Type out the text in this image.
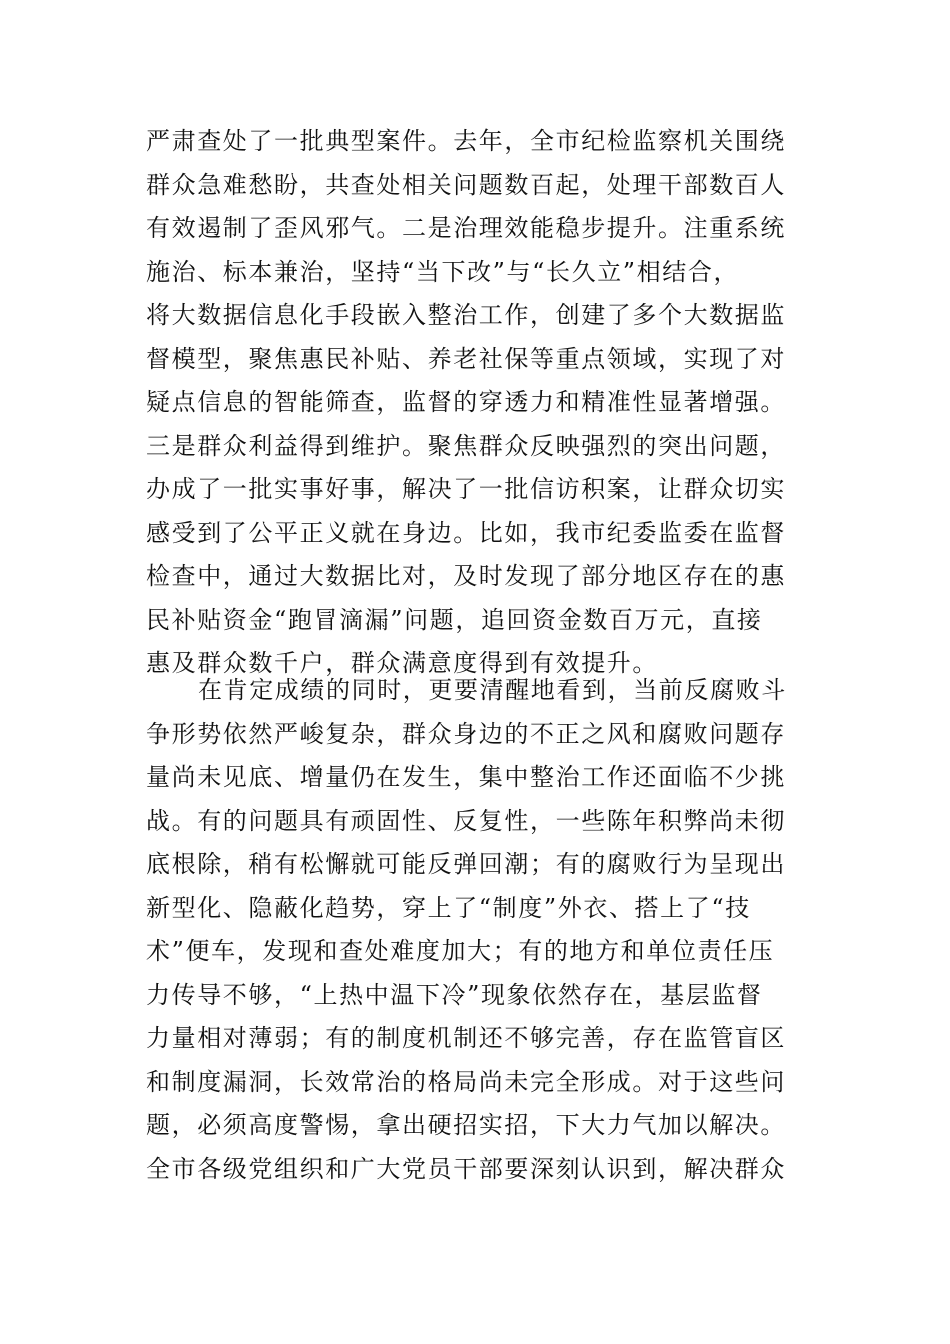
严肃查处了一批典型案件。去年，全市纪检监察机关围绕
群众急难愁盼，共查处相关问题数百起，处理干部数百人
有效遏制了歪风邪气。二是治理效能稳步提升。注重系统
施治、标本兼治，坚持“当下改”与“长久立”相结合，
将大数据信息化手段嵌入整治工作，创建了多个大数据监
督模型，聚焦惠民补贴、养老社保等重点领域，实现了对
疑点信息的智能筛查，监督的穿透力和精准性显著增强。
三是群众利益得到维护。聚焦群众反映强烈的突出问题，
办成了一批实事好事，解决了一批信访积案，让群众切实
感受到了公平正义就在身边。比如，我市纪委监委在监督
检查中，通过大数据比对，及时发现了部分地区存在的惠
民补贴资金“跑冒滴漏”问题，追回资金数百万元，直接
惠及群众数千户，群众满意度得到有效提升。
在肯定成绩的同时，更要清醒地看到，当前反腐败斗
争形势依然严峻复杂，群众身边的不正之风和腐败问题存
量尚未见底、增量仍在发生，集中整治工作还面临不少挑
战。有的问题具有顽固性、反复性，一些陈年积弊尚未彻
底根除，稍有松懈就可能反弹回潮；有的腐败行为呈现出
新型化、隐蔽化趋势，穿上了“制度”外衣、搭上了“技
术”便车，发现和查处难度加大；有的地方和单位责任压
力传导不够，“上热中温下冷”现象依然存在，基层监督
力量相对薄弱；有的制度机制还不够完善，存在监管盲区
和制度漏洞，长效常治的格局尚未完全形成。对于这些问
题，必须高度警惕，拿出硬招实招，下大力气加以解决。
全市各级党组织和广大党员干部要深刻认识到，解决群众
